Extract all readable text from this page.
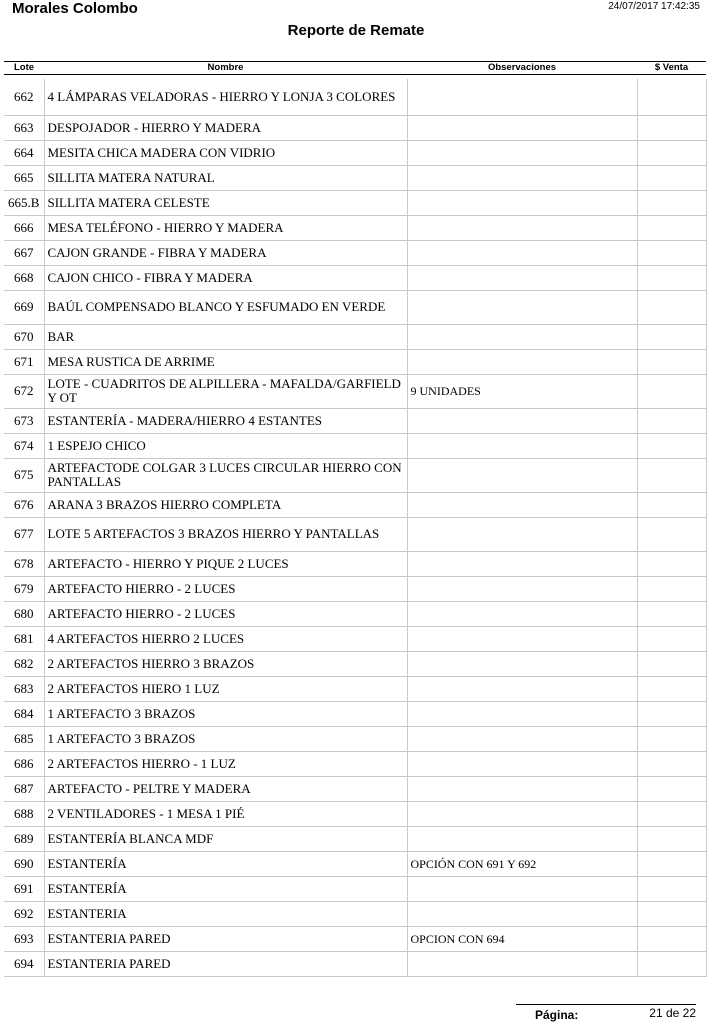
Morales Colombo	24/07/2017 17:42:35
Reporte de Remate
Lote	Nombre	Observaciones	$ Venta
662	4 LÁMPARAS VELADORAS - HIERRO Y LONJA 3 COLORES		
663	DESPOJADOR - HIERRO Y MADERA		
664	MESITA CHICA MADERA CON VIDRIO		
665	SILLITA MATERA NATURAL		
665.B	SILLITA MATERA CELESTE		
666	MESA TELÉFONO - HIERRO Y MADERA		
667	CAJON GRANDE - FIBRA Y MADERA		
668	CAJON CHICO - FIBRA Y MADERA		
669	BAÚL COMPENSADO BLANCO Y ESFUMADO EN VERDE		
670	BAR		
671	MESA RUSTICA DE ARRIME		
672	LOTE - CUADRITOS DE ALPILLERA - MAFALDA/GARFIELD Y OT	9 UNIDADES	
673	ESTANTERÍA - MADERA/HIERRO 4 ESTANTES		
674	1 ESPEJO CHICO		
675	ARTEFACTODE COLGAR 3 LUCES CIRCULAR HIERRO CON PANTALLAS		
676	ARANA 3 BRAZOS HIERRO COMPLETA		
677	LOTE 5 ARTEFACTOS 3 BRAZOS HIERRO Y PANTALLAS		
678	ARTEFACTO - HIERRO Y PIQUE 2 LUCES		
679	ARTEFACTO HIERRO - 2 LUCES		
680	ARTEFACTO HIERRO - 2 LUCES		
681	4 ARTEFACTOS HIERRO 2 LUCES		
682	2 ARTEFACTOS HIERRO 3 BRAZOS		
683	2 ARTEFACTOS HIERO 1 LUZ		
684	1 ARTEFACTO 3 BRAZOS		
685	1 ARTEFACTO 3 BRAZOS		
686	2 ARTEFACTOS HIERRO - 1 LUZ		
687	ARTEFACTO - PELTRE Y MADERA		
688	2 VENTILADORES - 1 MESA 1 PIÉ		
689	ESTANTERÍA BLANCA MDF		
690	ESTANTERÍA	OPCIÓN CON 691 Y 692	
691	ESTANTERÍA		
692	ESTANTERIA		
693	ESTANTERIA PARED	OPCION CON 694	
694	ESTANTERIA PARED		
Página:	21 de 22
